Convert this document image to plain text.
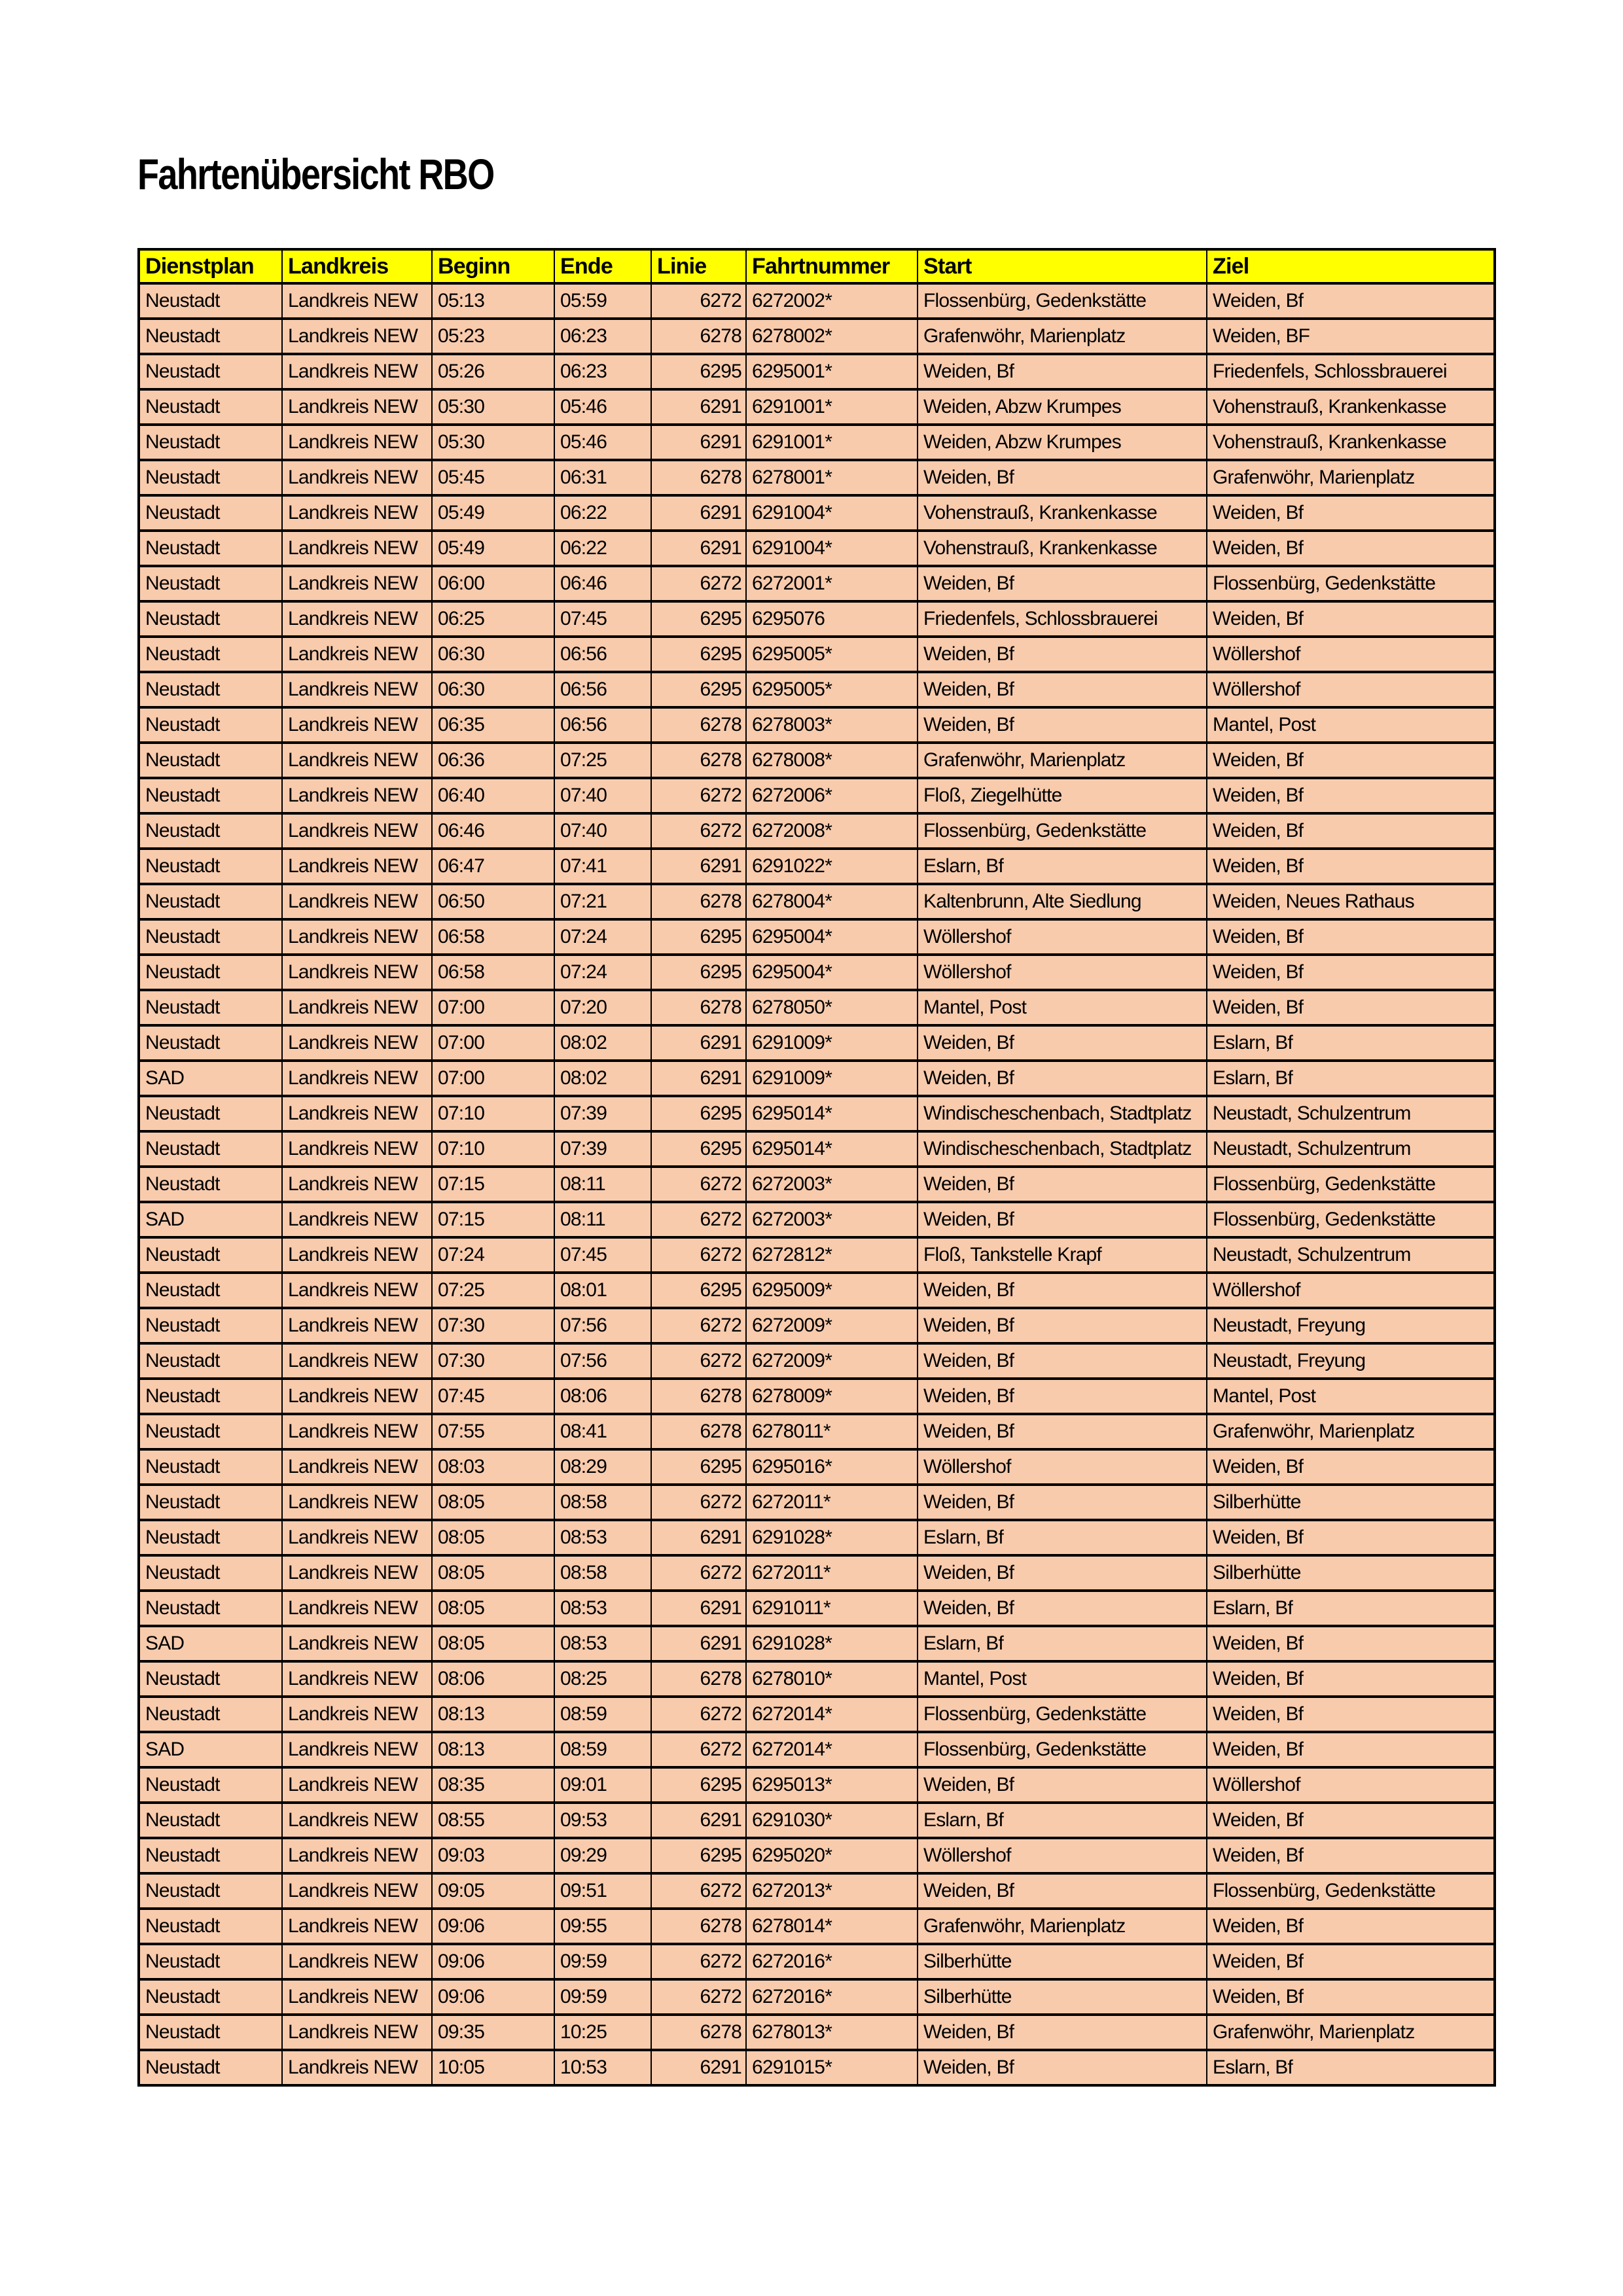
Fahrtenübersicht RBO
Dienstplan	Landkreis	Beginn	Ende	Linie	Fahrtnummer	Start	Ziel
Neustadt	Landkreis NEW	05:13	05:59	6272	6272002*	Flossenbürg, Gedenkstätte	Weiden, Bf
Neustadt	Landkreis NEW	05:23	06:23	6278	6278002*	Grafenwöhr, Marienplatz	Weiden, BF
Neustadt	Landkreis NEW	05:26	06:23	6295	6295001*	Weiden, Bf	Friedenfels, Schlossbrauerei
Neustadt	Landkreis NEW	05:30	05:46	6291	6291001*	Weiden, Abzw Krumpes	Vohenstrauß, Krankenkasse
Neustadt	Landkreis NEW	05:30	05:46	6291	6291001*	Weiden, Abzw Krumpes	Vohenstrauß, Krankenkasse
Neustadt	Landkreis NEW	05:45	06:31	6278	6278001*	Weiden, Bf	Grafenwöhr, Marienplatz
Neustadt	Landkreis NEW	05:49	06:22	6291	6291004*	Vohenstrauß, Krankenkasse	Weiden, Bf
Neustadt	Landkreis NEW	05:49	06:22	6291	6291004*	Vohenstrauß, Krankenkasse	Weiden, Bf
Neustadt	Landkreis NEW	06:00	06:46	6272	6272001*	Weiden, Bf	Flossenbürg, Gedenkstätte
Neustadt	Landkreis NEW	06:25	07:45	6295	6295076	Friedenfels, Schlossbrauerei	Weiden, Bf
Neustadt	Landkreis NEW	06:30	06:56	6295	6295005*	Weiden, Bf	Wöllershof
Neustadt	Landkreis NEW	06:30	06:56	6295	6295005*	Weiden, Bf	Wöllershof
Neustadt	Landkreis NEW	06:35	06:56	6278	6278003*	Weiden, Bf	Mantel, Post
Neustadt	Landkreis NEW	06:36	07:25	6278	6278008*	Grafenwöhr, Marienplatz	Weiden, Bf
Neustadt	Landkreis NEW	06:40	07:40	6272	6272006*	Floß, Ziegelhütte	Weiden, Bf
Neustadt	Landkreis NEW	06:46	07:40	6272	6272008*	Flossenbürg, Gedenkstätte	Weiden, Bf
Neustadt	Landkreis NEW	06:47	07:41	6291	6291022*	Eslarn, Bf	Weiden, Bf
Neustadt	Landkreis NEW	06:50	07:21	6278	6278004*	Kaltenbrunn, Alte Siedlung	Weiden, Neues Rathaus
Neustadt	Landkreis NEW	06:58	07:24	6295	6295004*	Wöllershof	Weiden, Bf
Neustadt	Landkreis NEW	06:58	07:24	6295	6295004*	Wöllershof	Weiden, Bf
Neustadt	Landkreis NEW	07:00	07:20	6278	6278050*	Mantel, Post	Weiden, Bf
Neustadt	Landkreis NEW	07:00	08:02	6291	6291009*	Weiden, Bf	Eslarn, Bf
SAD	Landkreis NEW	07:00	08:02	6291	6291009*	Weiden, Bf	Eslarn, Bf
Neustadt	Landkreis NEW	07:10	07:39	6295	6295014*	Windischeschenbach, Stadtplatz	Neustadt, Schulzentrum
Neustadt	Landkreis NEW	07:10	07:39	6295	6295014*	Windischeschenbach, Stadtplatz	Neustadt, Schulzentrum
Neustadt	Landkreis NEW	07:15	08:11	6272	6272003*	Weiden, Bf	Flossenbürg, Gedenkstätte
SAD	Landkreis NEW	07:15	08:11	6272	6272003*	Weiden, Bf	Flossenbürg, Gedenkstätte
Neustadt	Landkreis NEW	07:24	07:45	6272	6272812*	Floß, Tankstelle Krapf	Neustadt, Schulzentrum
Neustadt	Landkreis NEW	07:25	08:01	6295	6295009*	Weiden, Bf	Wöllershof
Neustadt	Landkreis NEW	07:30	07:56	6272	6272009*	Weiden, Bf	Neustadt, Freyung
Neustadt	Landkreis NEW	07:30	07:56	6272	6272009*	Weiden, Bf	Neustadt, Freyung
Neustadt	Landkreis NEW	07:45	08:06	6278	6278009*	Weiden, Bf	Mantel, Post
Neustadt	Landkreis NEW	07:55	08:41	6278	6278011*	Weiden, Bf	Grafenwöhr, Marienplatz
Neustadt	Landkreis NEW	08:03	08:29	6295	6295016*	Wöllershof	Weiden, Bf
Neustadt	Landkreis NEW	08:05	08:58	6272	6272011*	Weiden, Bf	Silberhütte
Neustadt	Landkreis NEW	08:05	08:53	6291	6291028*	Eslarn, Bf	Weiden, Bf
Neustadt	Landkreis NEW	08:05	08:58	6272	6272011*	Weiden, Bf	Silberhütte
Neustadt	Landkreis NEW	08:05	08:53	6291	6291011*	Weiden, Bf	Eslarn, Bf
SAD	Landkreis NEW	08:05	08:53	6291	6291028*	Eslarn, Bf	Weiden, Bf
Neustadt	Landkreis NEW	08:06	08:25	6278	6278010*	Mantel, Post	Weiden, Bf
Neustadt	Landkreis NEW	08:13	08:59	6272	6272014*	Flossenbürg, Gedenkstätte	Weiden, Bf
SAD	Landkreis NEW	08:13	08:59	6272	6272014*	Flossenbürg, Gedenkstätte	Weiden, Bf
Neustadt	Landkreis NEW	08:35	09:01	6295	6295013*	Weiden, Bf	Wöllershof
Neustadt	Landkreis NEW	08:55	09:53	6291	6291030*	Eslarn, Bf	Weiden, Bf
Neustadt	Landkreis NEW	09:03	09:29	6295	6295020*	Wöllershof	Weiden, Bf
Neustadt	Landkreis NEW	09:05	09:51	6272	6272013*	Weiden, Bf	Flossenbürg, Gedenkstätte
Neustadt	Landkreis NEW	09:06	09:55	6278	6278014*	Grafenwöhr, Marienplatz	Weiden, Bf
Neustadt	Landkreis NEW	09:06	09:59	6272	6272016*	Silberhütte	Weiden, Bf
Neustadt	Landkreis NEW	09:06	09:59	6272	6272016*	Silberhütte	Weiden, Bf
Neustadt	Landkreis NEW	09:35	10:25	6278	6278013*	Weiden, Bf	Grafenwöhr, Marienplatz
Neustadt	Landkreis NEW	10:05	10:53	6291	6291015*	Weiden, Bf	Eslarn, Bf
